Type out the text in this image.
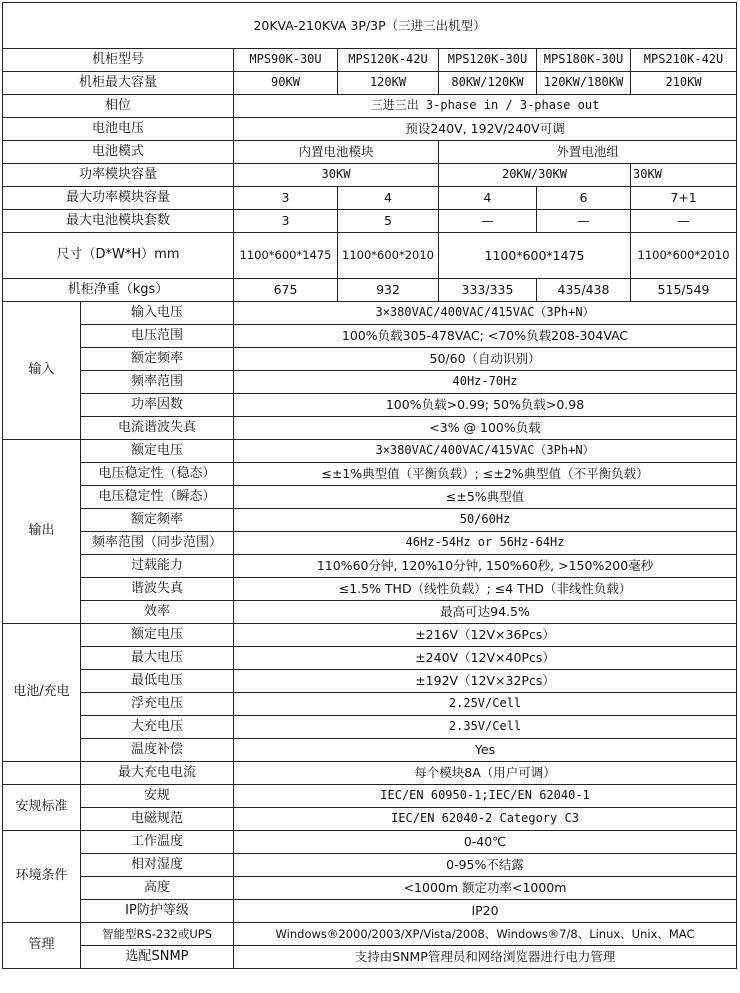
20KVA-210KVA 3P/3P（三进三出机型）						
机柜型号		MPS90K-30U	MPS120K-42U	MPS120K-30U	MPS180K-30U	MPS210K-42U
机柜最大容量		90KW	120KW	80KW/120KW	120KW/180KW	210KW
相位		三进三出 3-phase in / 3-phase out				
电池电压		预设240V, 192V/240V可调				
电池模式		内置电池模块		外置电池组		
功率模块容量		30KW		20KW/30KW		30KW
最大功率模块容量		3	4	4	6	7+1
最大电池模块套数		3	5	—	—	—
尺寸（D*W*H）mm		1100*600*1475	1100*600*2010	1100*600*1475		1100*600*2010
机柜净重（kgs）		675	932	333/335	435/438	515/549
输入	输入电压	3×380VAC/400VAC/415VAC（3Ph+N）				
	电压范围	100%负载305-478VAC; <70%负载208-304VAC				
	额定频率	50/60（自动识别）				
	频率范围	40Hz-70Hz				
	功率因数	100%负载>0.99; 50%负载>0.98				
	电流谐波失真	<3% @ 100%负载				
输出	额定电压	3×380VAC/400VAC/415VAC（3Ph+N）				
	电压稳定性（稳态）	≤±1%典型值（平衡负载）; ≤±2%典型值（不平衡负载）				
	电压稳定性（瞬态）	≤±5%典型值				
	额定频率	50/60Hz				
	频率范围（同步范围）	46Hz-54Hz or 56Hz-64Hz				
	过载能力	110%60分钟, 120%10分钟, 150%60秒, >150%200毫秒				
	谐波失真	≤1.5% THD（线性负载）; ≤4 THD（非线性负载）				
	效率	最高可达94.5%				
电池/充电	额定电压	±216V（12V×36Pcs）				
	最大电压	±240V（12V×40Pcs）				
	最低电压	±192V（12V×32Pcs）				
	浮充电压	2.25V/Cell				
	大充电压	2.35V/Cell				
	温度补偿	Yes				
	最大充电电流	每个模块8A（用户可调）				
安规标准	安规	IEC/EN 60950-1;IEC/EN 62040-1				
	电磁规范	IEC/EN 62040-2 Category C3				
环境条件	工作温度	0-40℃				
	相对湿度	0-95%不结露				
	高度	<1000m 额定功率<1000m				
	IP防护等级	IP20				
管理	智能型RS-232或UPS	Windows®2000/2003/XP/Vista/2008、Windows®7/8、Linux、Unix、MAC				
	选配SNMP	支持由SNMP管理员和网络浏览器进行电力管理				
